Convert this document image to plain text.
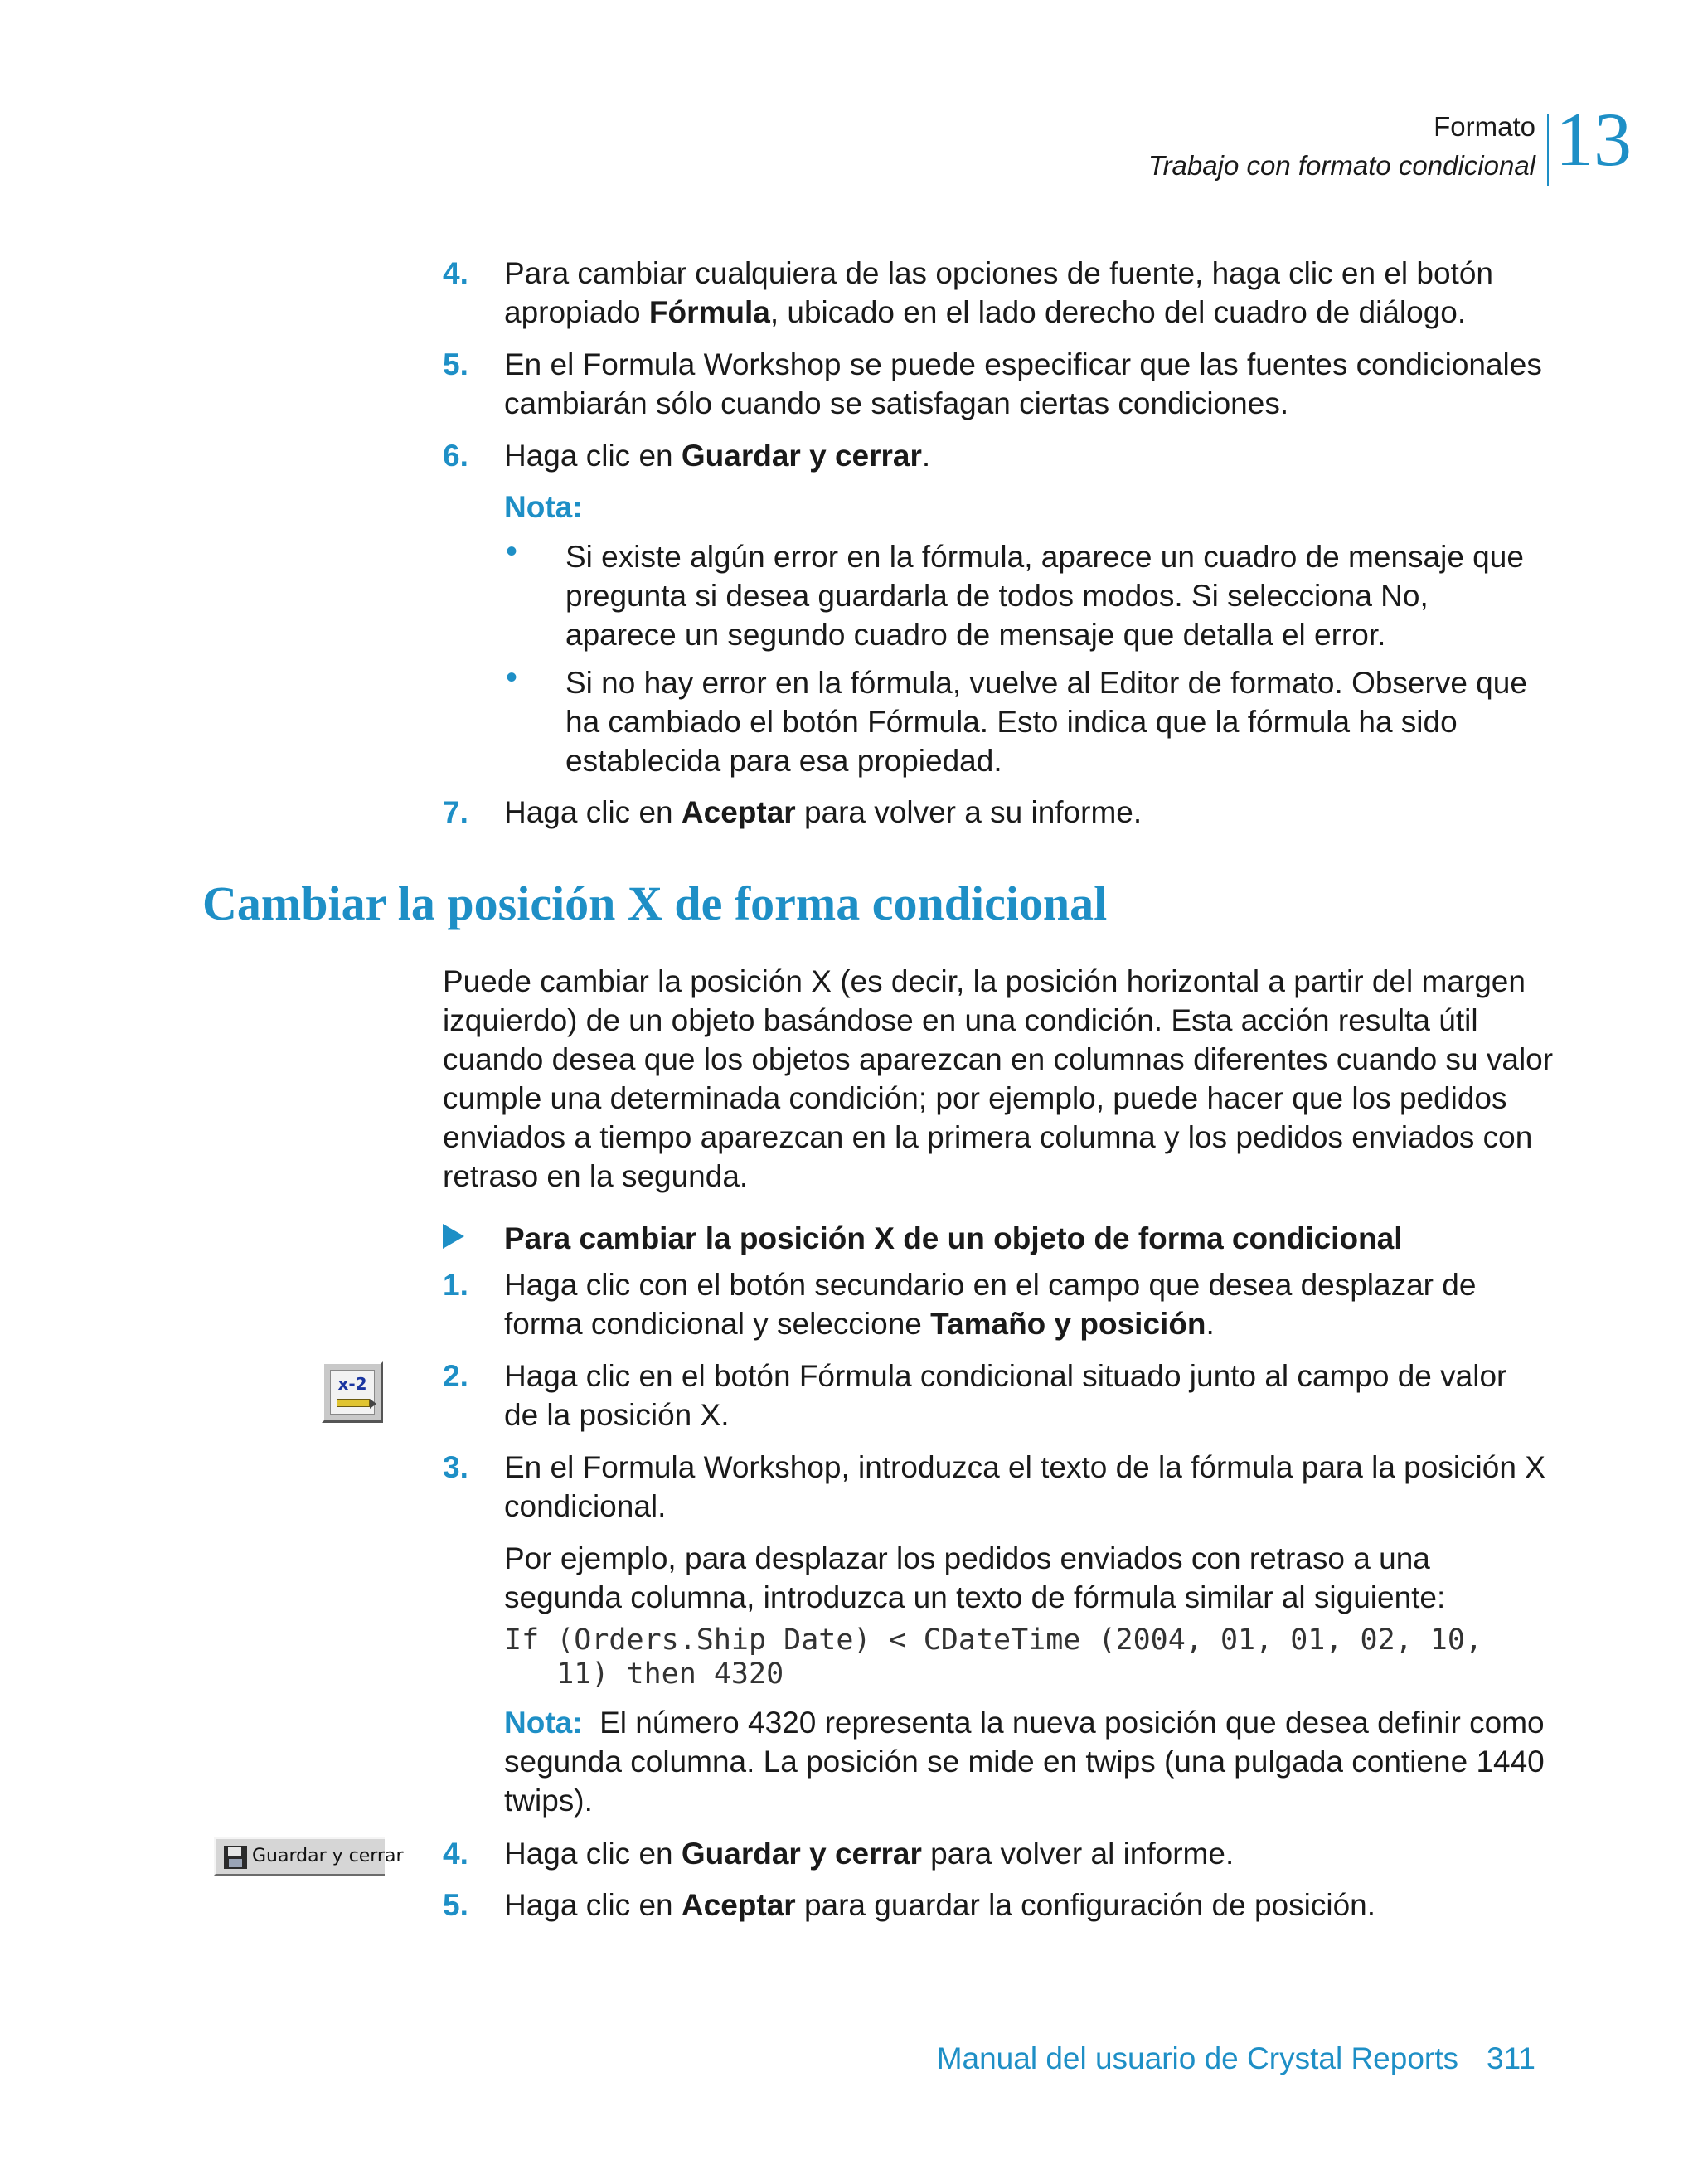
Formato
Trabajo con formato condicional 13
4. Para cambiar cualquiera de las opciones de fuente, haga clic en el botón apropiado Fórmula, ubicado en el lado derecho del cuadro de diálogo.
5. En el Formula Workshop se puede especificar que las fuentes condicionales cambiarán sólo cuando se satisfagan ciertas condiciones.
6. Haga clic en Guardar y cerrar.
Nota:
• Si existe algún error en la fórmula, aparece un cuadro de mensaje que pregunta si desea guardarla de todos modos. Si selecciona No, aparece un segundo cuadro de mensaje que detalla el error.
• Si no hay error en la fórmula, vuelve al Editor de formato. Observe que ha cambiado el botón Fórmula. Esto indica que la fórmula ha sido establecida para esa propiedad.
7. Haga clic en Aceptar para volver a su informe.
Cambiar la posición X de forma condicional
Puede cambiar la posición X (es decir, la posición horizontal a partir del margen izquierdo) de un objeto basándose en una condición. Esta acción resulta útil cuando desea que los objetos aparezcan en columnas diferentes cuando su valor cumple una determinada condición; por ejemplo, puede hacer que los pedidos enviados a tiempo aparezcan en la primera columna y los pedidos enviados con retraso en la segunda.
Para cambiar la posición X de un objeto de forma condicional
1. Haga clic con el botón secundario en el campo que desea desplazar de forma condicional y seleccione Tamaño y posición.
2. Haga clic en el botón Fórmula condicional situado junto al campo de valor de la posición X.
3. En el Formula Workshop, introduzca el texto de la fórmula para la posición X condicional.
Por ejemplo, para desplazar los pedidos enviados con retraso a una segunda columna, introduzca un texto de fórmula similar al siguiente:
If (Orders.Ship Date) < CDateTime (2004, 01, 01, 02, 10,
11) then 4320
Nota: El número 4320 representa la nueva posición que desea definir como segunda columna. La posición se mide en twips (una pulgada contiene 1440 twips).
4. Haga clic en Guardar y cerrar para volver al informe.
5. Haga clic en Aceptar para guardar la configuración de posición.
x-2
Guardar y cerrar
Manual del usuario de Crystal Reports 311
